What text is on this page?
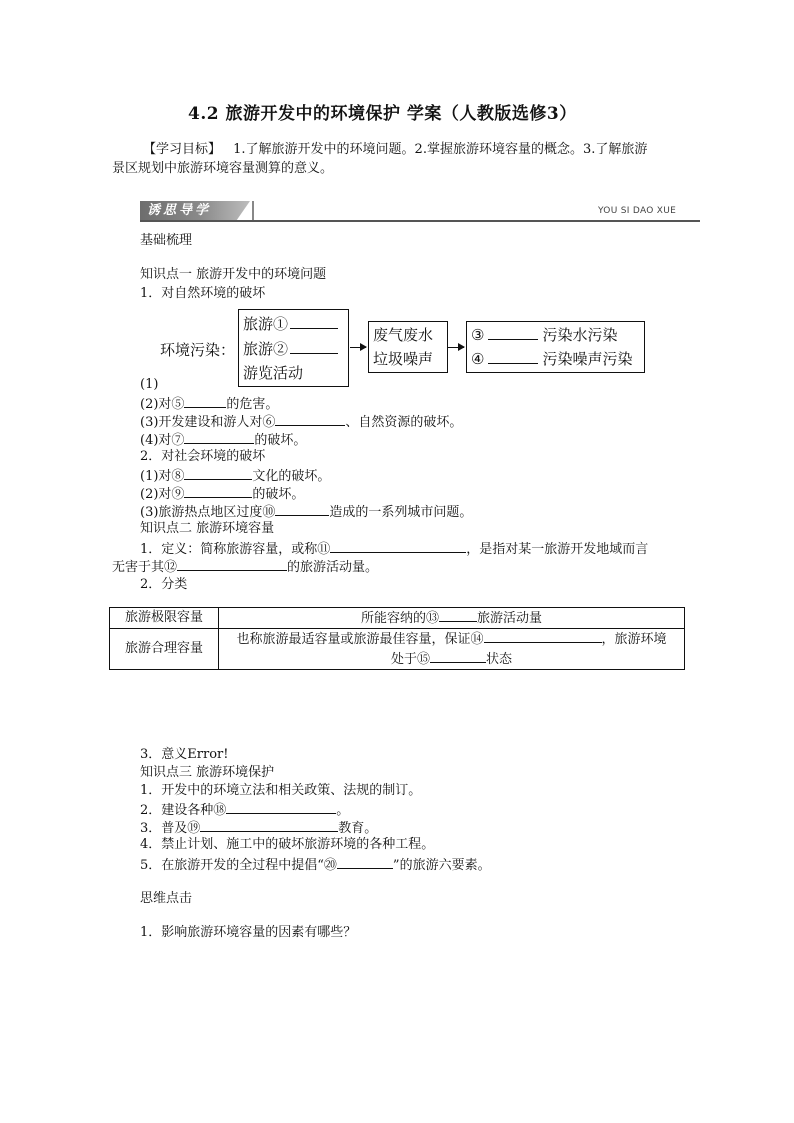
4.2 旅游开发中的环境保护 学案（人教版选修3）
【学习目标】 1.了解旅游开发中的环境问题。2.掌握旅游环境容量的概念。3.了解旅游
景区规划中旅游环境容量测算的意义。
诱思导学	YOU SI DAO XUE
基础梳理
知识点一 旅游开发中的环境问题
1．对自然环境的破坏
环境污染：
旅游①
旅游②
游览活动
废气废水
垃圾噪声
③	污染水污染
④	污染噪声污染
(1)
(2)对⑤	的危害。
(3)开发建设和游人对⑥	、自然资源的破坏。
(4)对⑦	的破坏。
2．对社会环境的破坏
(1)对⑧	文化的破坏。
(2)对⑨	的破坏。
(3)旅游热点地区过度⑩	造成的一系列城市问题。
知识点二 旅游环境容量
1．定义：简称旅游容量，或称⑪	，是指对某一旅游开发地域而言
无害于其⑫	的旅游活动量。
2．分类
旅游极限容量	所能容纳的⑬ 旅游活动量
旅游合理容量	也称旅游最适容量或旅游最佳容量，保证⑭ ，旅游环境
处于⑮ 状态
3．意义Error!
知识点三 旅游环境保护
1．开发中的环境立法和相关政策、法规的制订。
2．建设各种⑱	。
3．普及⑲	教育。
4．禁止计划、施工中的破坏旅游环境的各种工程。
5．在旅游开发的全过程中提倡“⑳	”的旅游六要素。
思维点击
1．影响旅游环境容量的因素有哪些？
